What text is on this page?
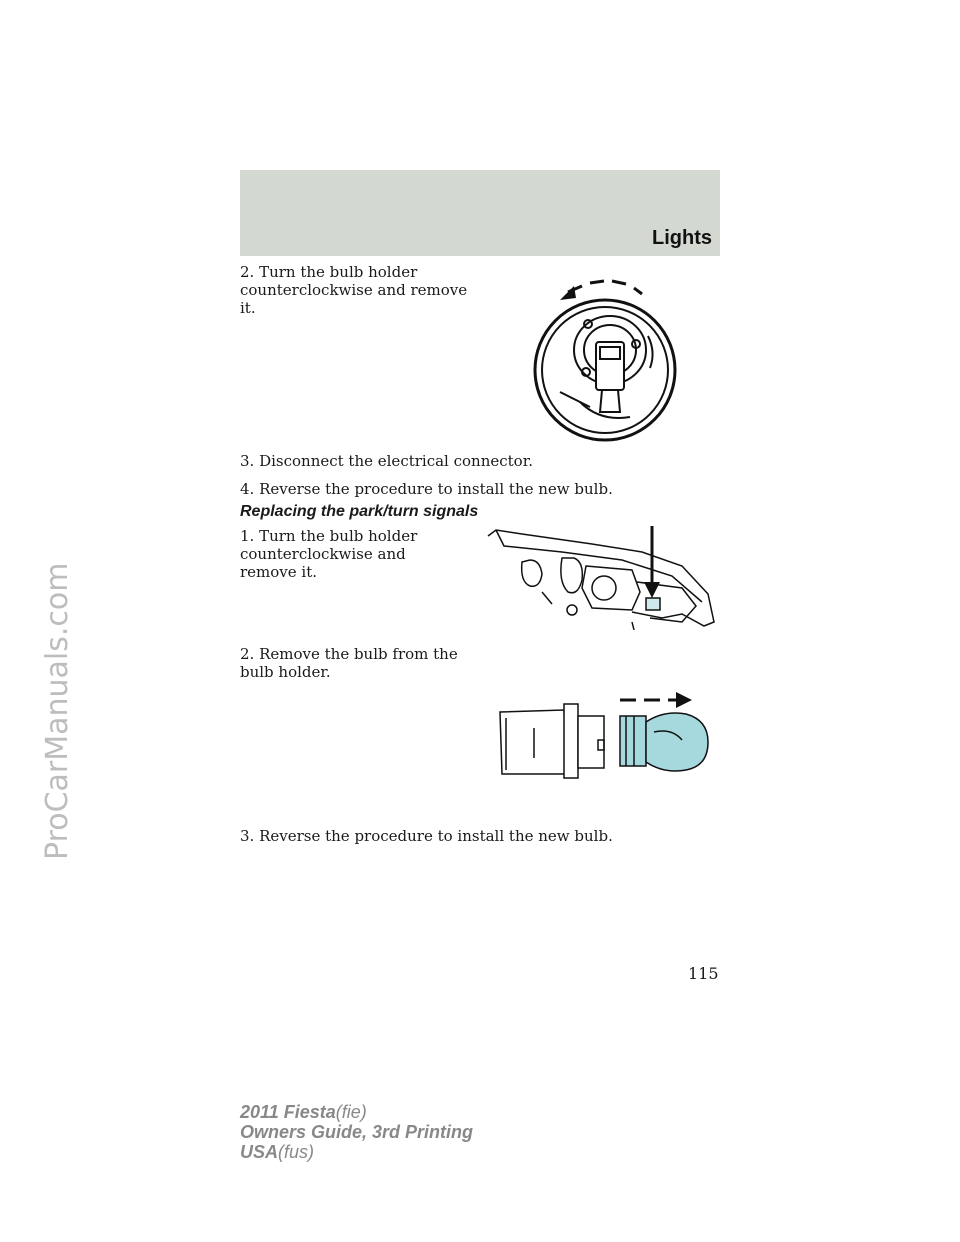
ProCarManuals.com
Lights

2. Turn the bulb holder counterclockwise and remove it.

3. Disconnect the electrical connector.

4. Reverse the procedure to install the new bulb.

Replacing the park/turn signals

1. Turn the bulb holder counterclockwise and remove it.

2. Remove the bulb from the bulb holder.

3. Reverse the procedure to install the new bulb.

115
2011 Fiesta(fie)
Owners Guide, 3rd Printing
USA(fus)
